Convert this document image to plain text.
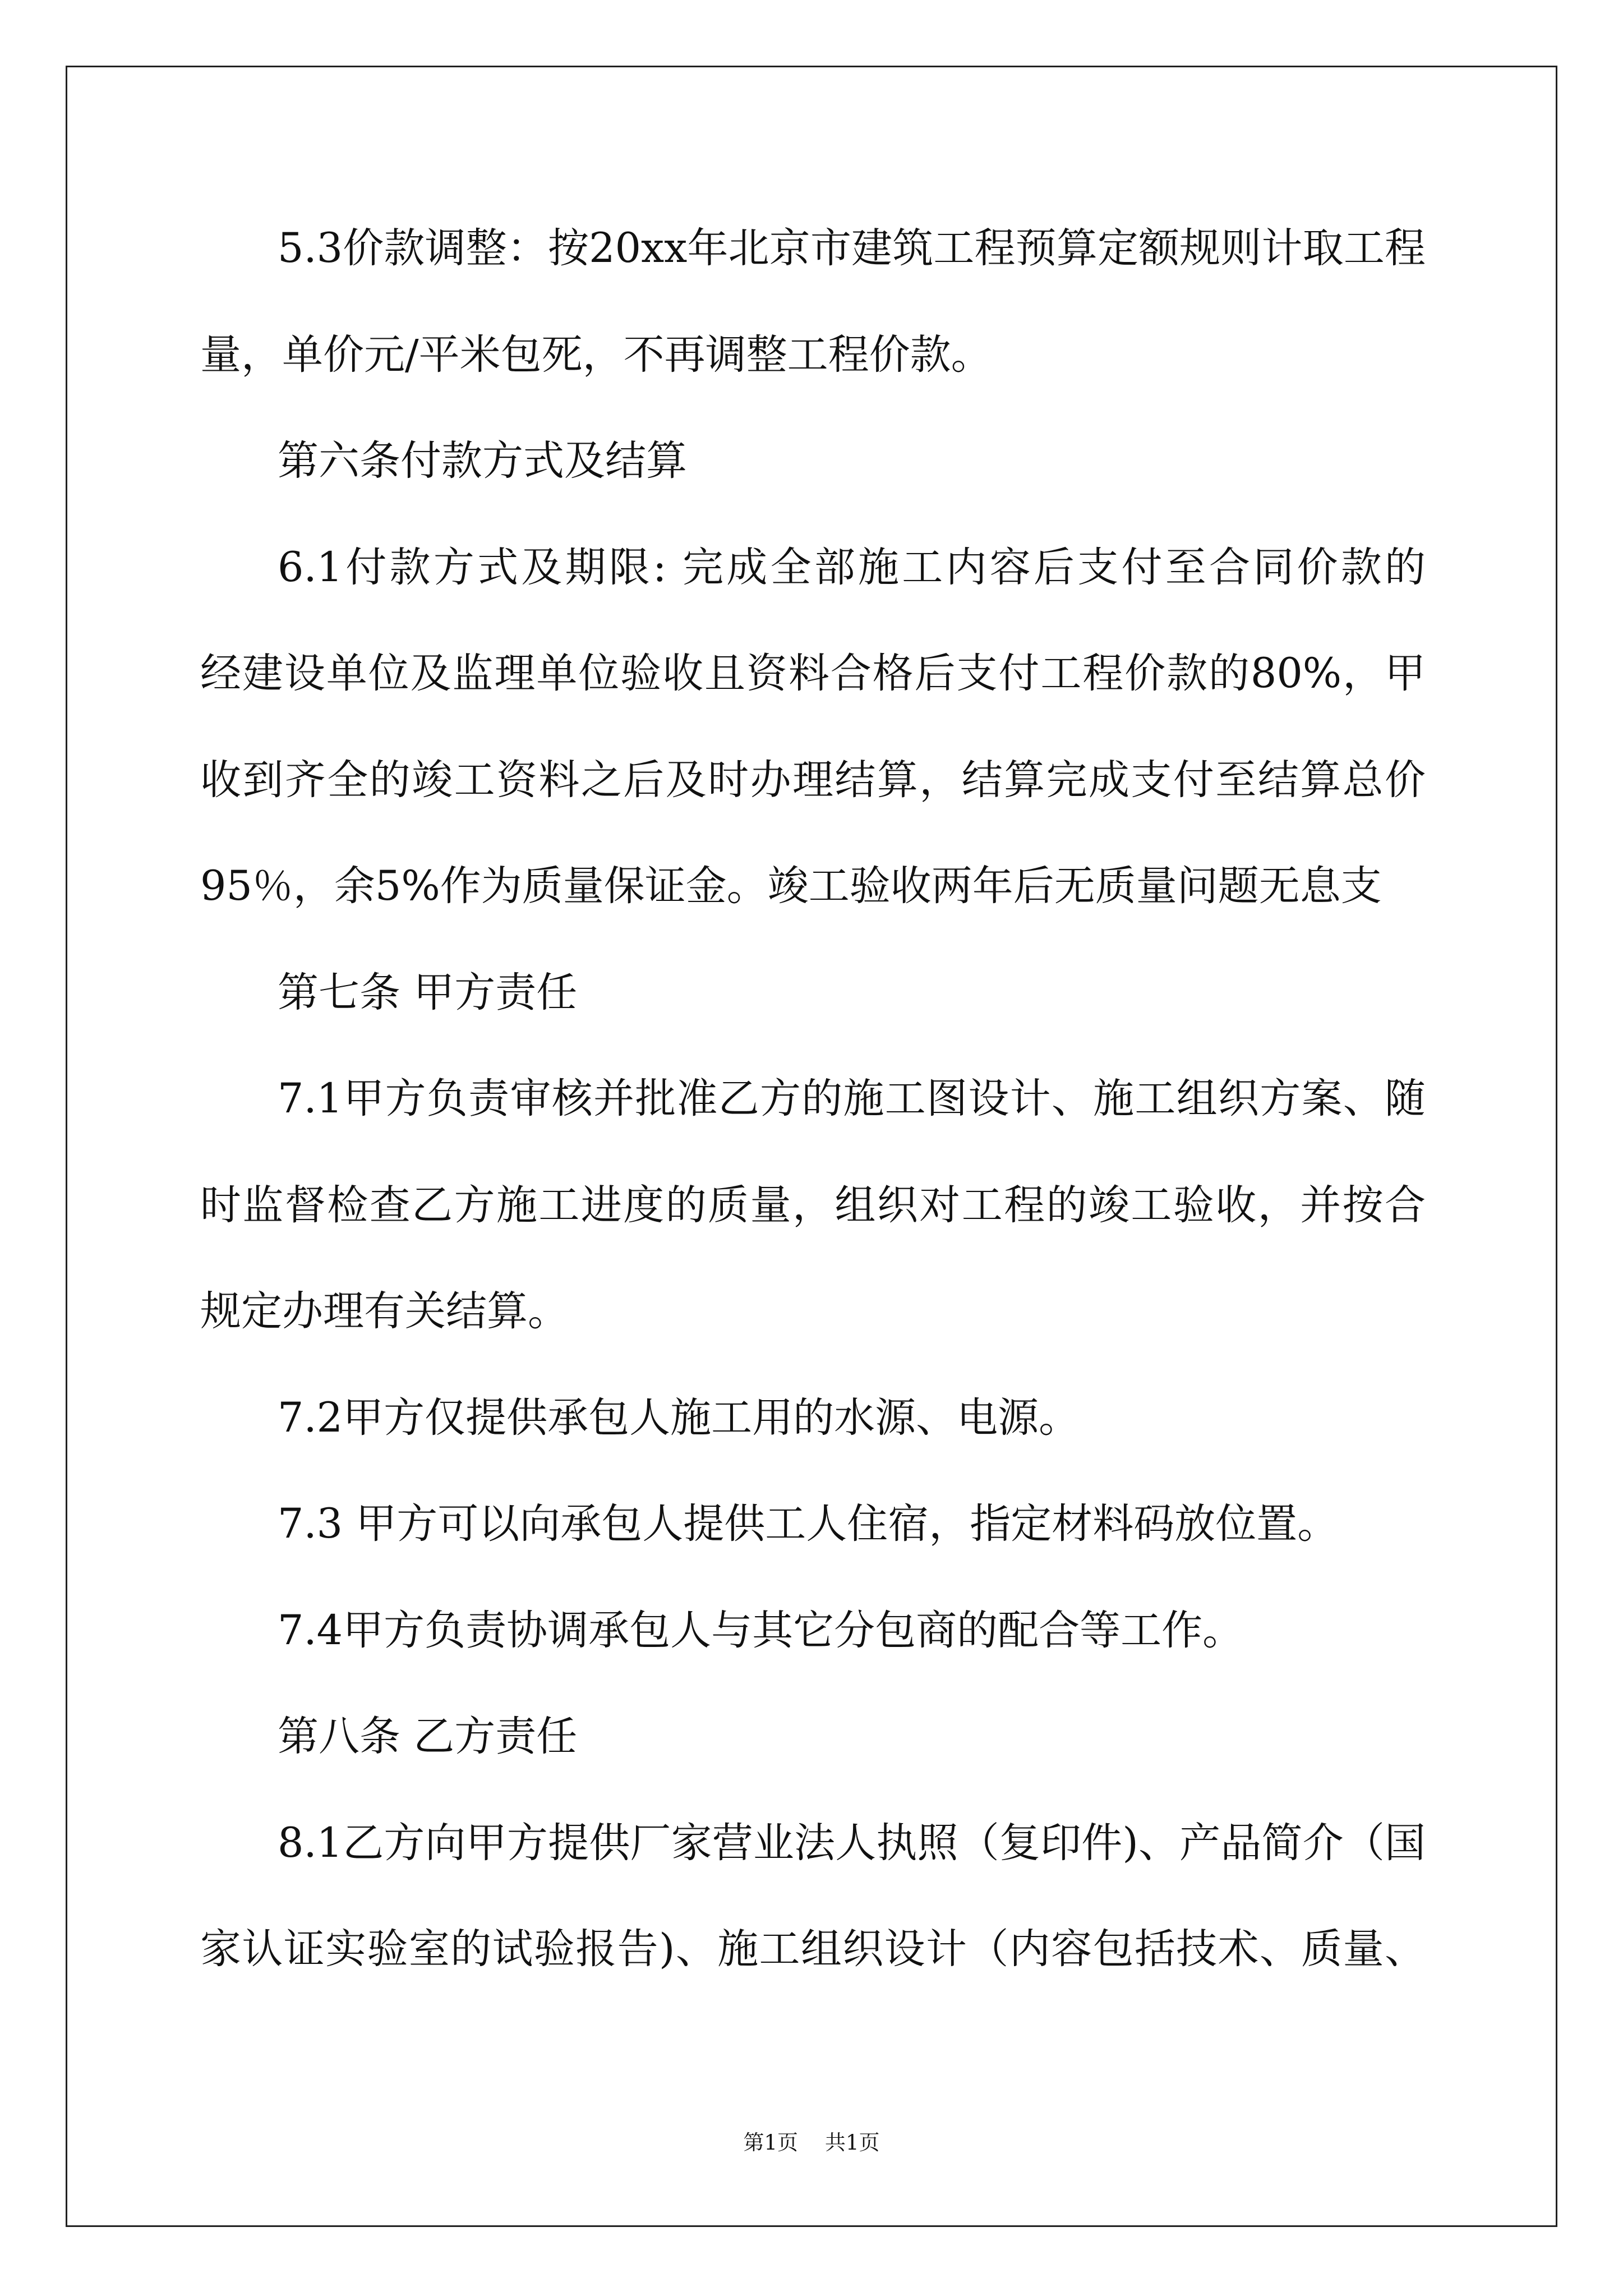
5.3价款调整：按20xx年北京市建筑工程预算定额规则计取工程
量，单价元/平米包死，不再调整工程价款。
第六条付款方式及结算
6.1付款方式及期限: 完成全部施工内容后支付至合同价款的
经建设单位及监理单位验收且资料合格后支付工程价款的80%，甲
收到齐全的竣工资料之后及时办理结算，结算完成支付至结算总价
95％，余5%作为质量保证金。竣工验收两年后无质量问题无息支
第七条 甲方责任
7.1甲方负责审核并批准乙方的施工图设计、施工组织方案、随
时监督检查乙方施工进度的质量，组织对工程的竣工验收，并按合
规定办理有关结算。
7.2甲方仅提供承包人施工用的水源、电源。
7.3 甲方可以向承包人提供工人住宿，指定材料码放位置。
7.4甲方负责协调承包人与其它分包商的配合等工作。
第八条 乙方责任
8.1乙方向甲方提供厂家营业法人执照（复印件)、产品简介（国
家认证实验室的试验报告)、施工组织设计（内容包括技术、质量、
第1页 共1页
